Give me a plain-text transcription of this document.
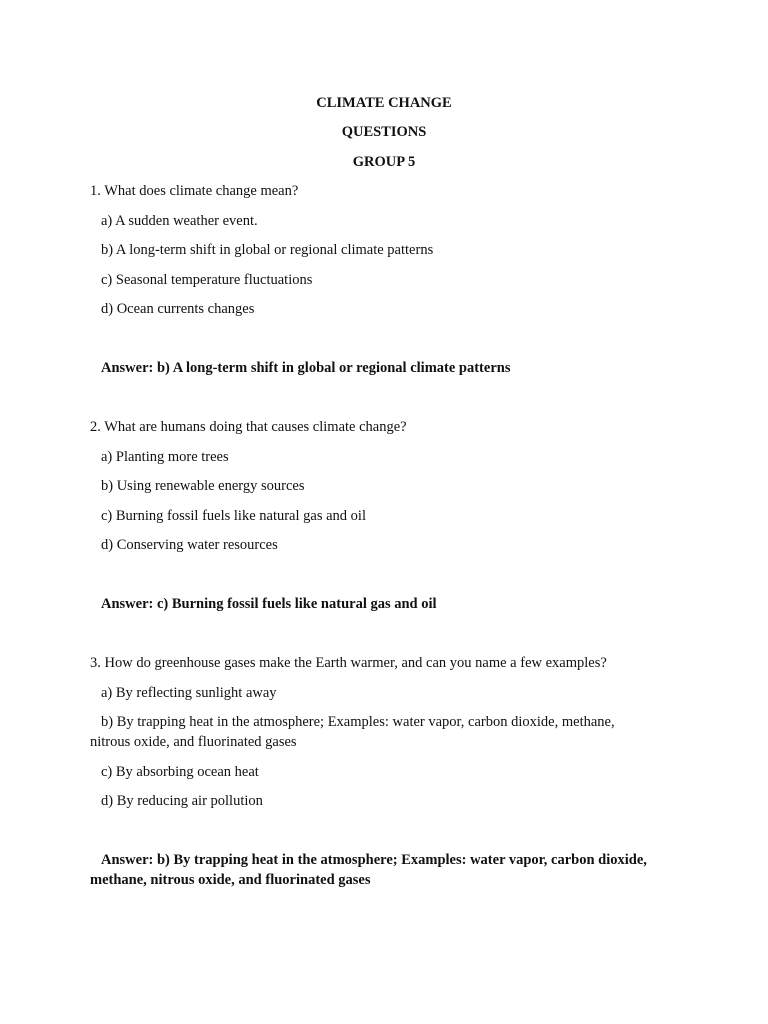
CLIMATE CHANGE
QUESTIONS
GROUP 5
1. What does climate change mean?
a) A sudden weather event.
b) A long-term shift in global or regional climate patterns
c) Seasonal temperature fluctuations
d) Ocean currents changes
Answer: b) A long-term shift in global or regional climate patterns
2. What are humans doing that causes climate change?
a) Planting more trees
b) Using renewable energy sources
c) Burning fossil fuels like natural gas and oil
d) Conserving water resources
Answer: c) Burning fossil fuels like natural gas and oil
3. How do greenhouse gases make the Earth warmer, and can you name a few examples?
a) By reflecting sunlight away
b) By trapping heat in the atmosphere; Examples: water vapor, carbon dioxide, methane,
nitrous oxide, and fluorinated gases
c) By absorbing ocean heat
d) By reducing air pollution
Answer: b) By trapping heat in the atmosphere; Examples: water vapor, carbon dioxide,
methane, nitrous oxide, and fluorinated gases
